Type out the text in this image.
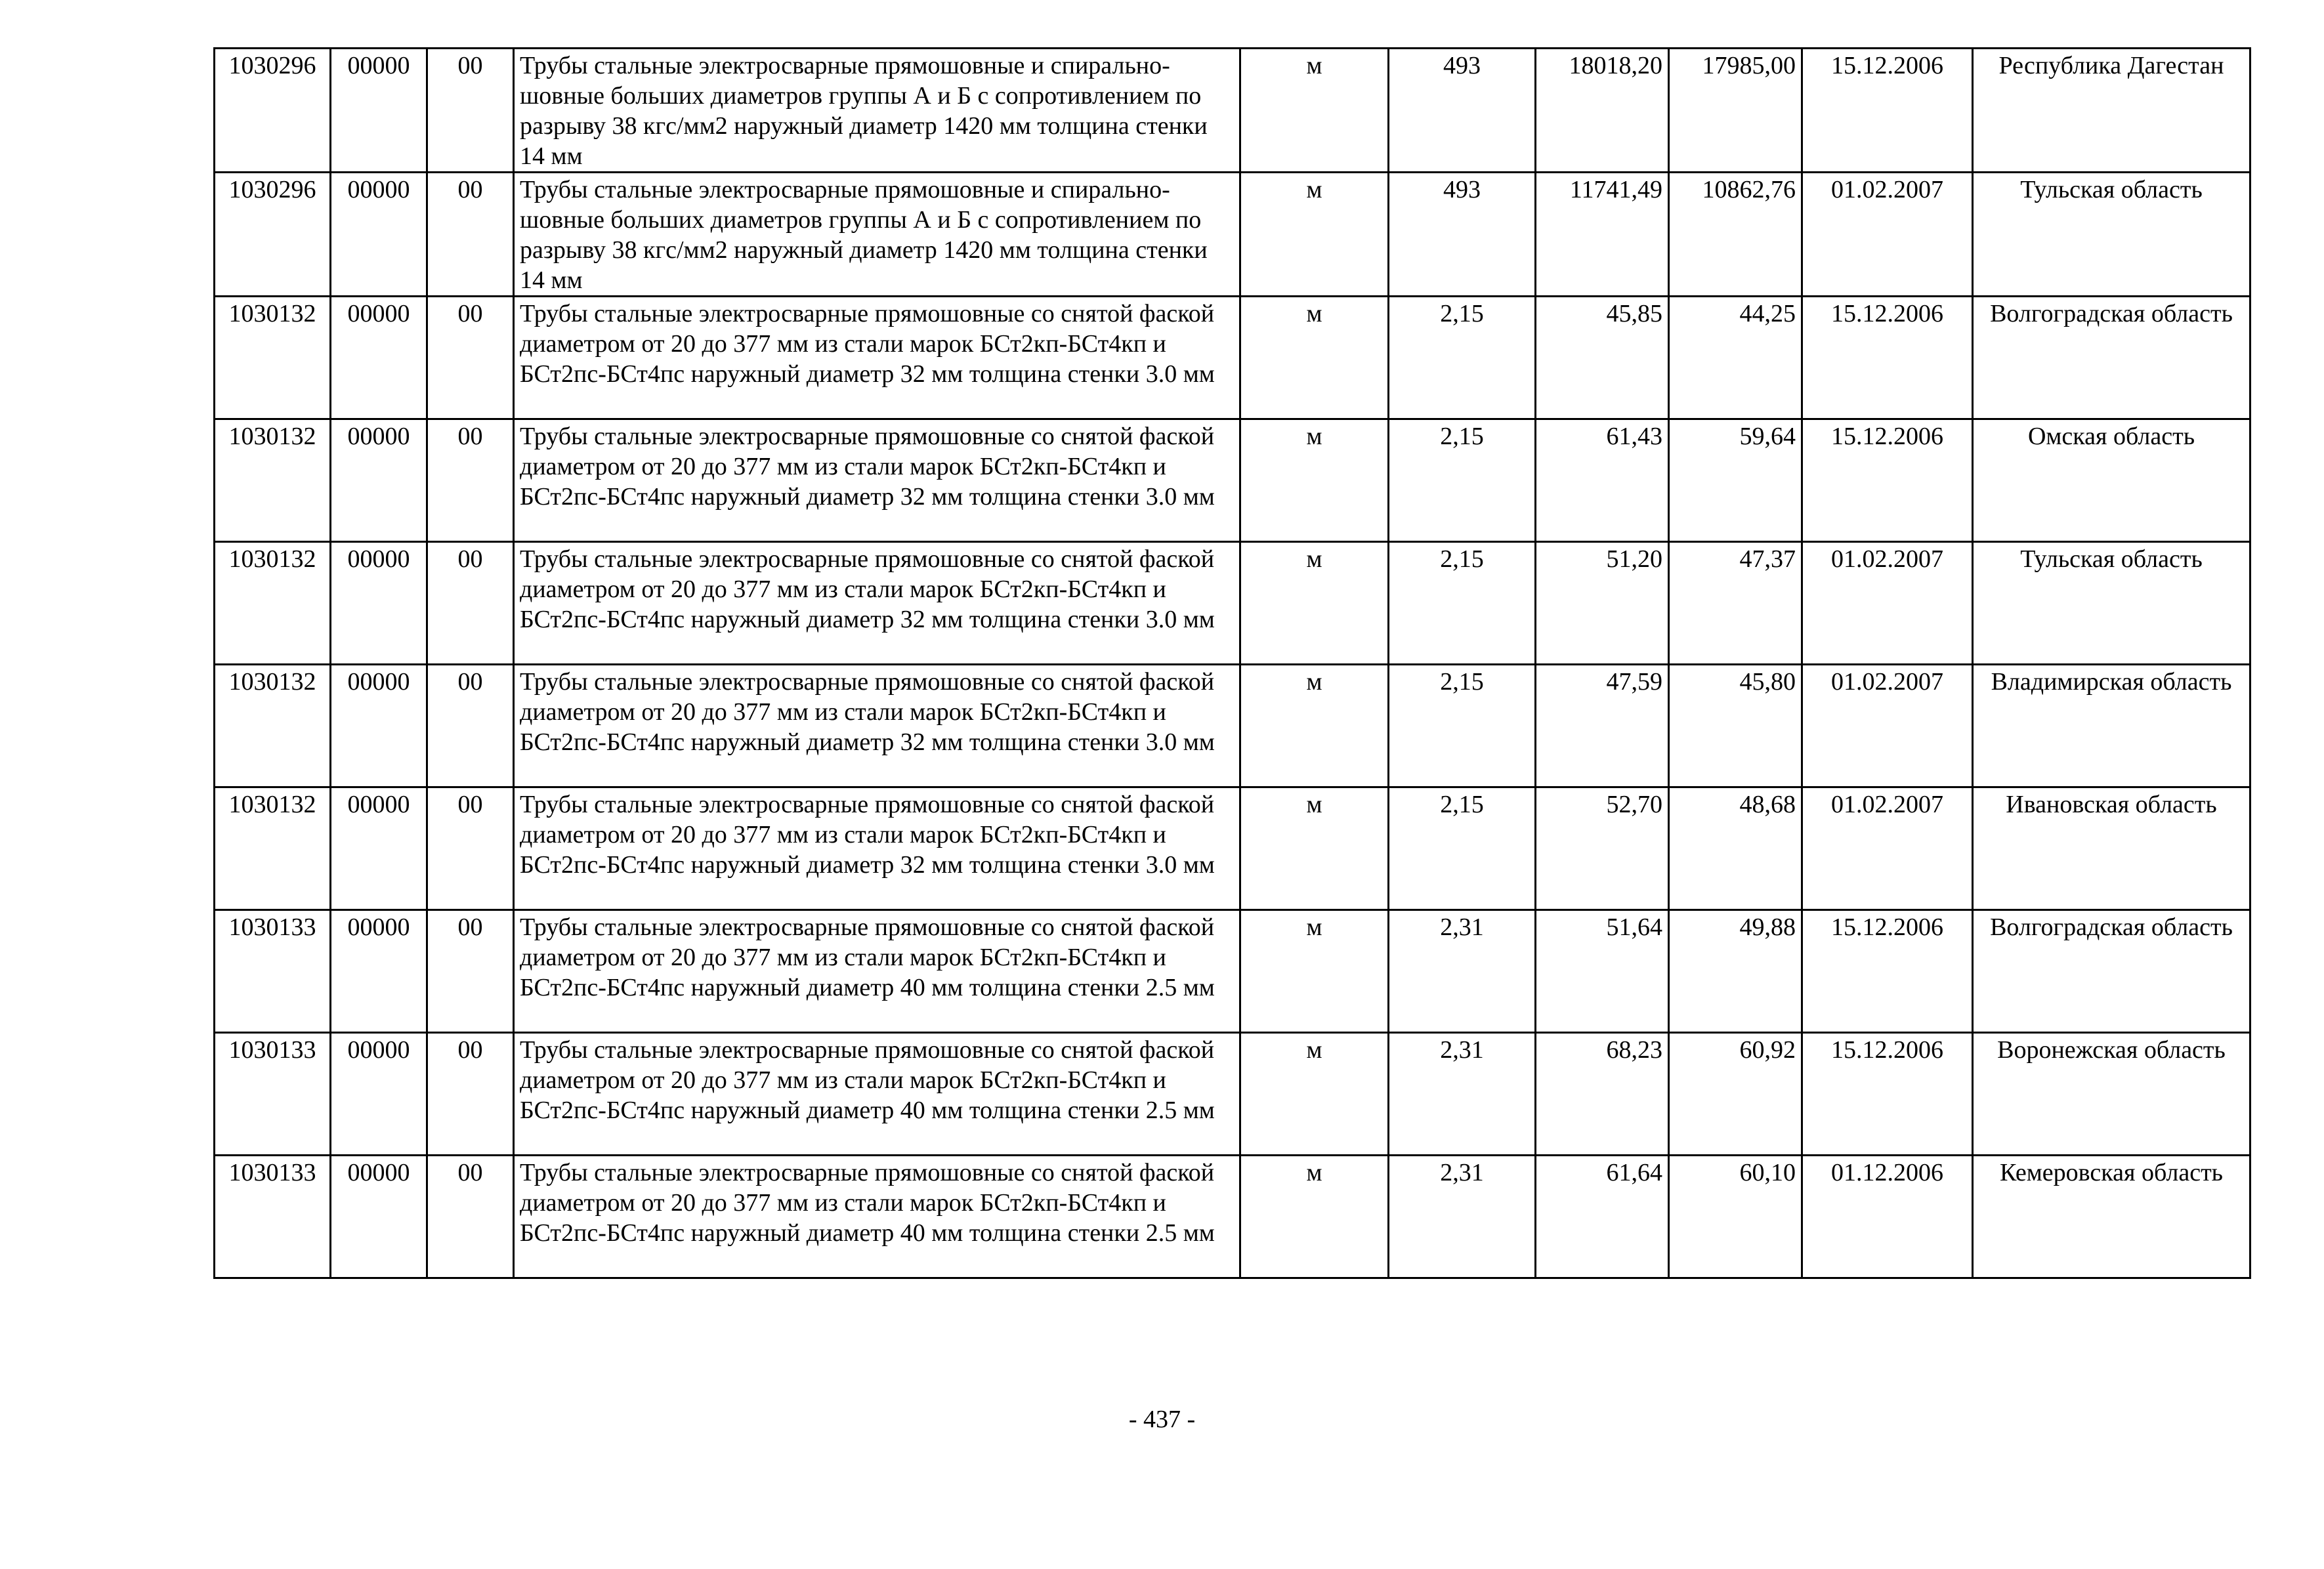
1030296	00000	00	Трубы стальные электросварные прямошовные и спирально-шовные больших диаметров группы А и Б с сопротивлением по разрыву 38 кгс/мм2 наружный диаметр 1420 мм толщина стенки 14 мм	м	493	18018,20	17985,00	15.12.2006	Республика Дагестан
1030296	00000	00	Трубы стальные электросварные прямошовные и спирально-шовные больших диаметров группы А и Б с сопротивлением по разрыву 38 кгс/мм2 наружный диаметр 1420 мм толщина стенки 14 мм	м	493	11741,49	10862,76	01.02.2007	Тульская область
1030132	00000	00	Трубы стальные электросварные прямошовные со снятой фаской диаметром от 20 до 377 мм из стали марок БСт2кп-БСт4кп и БСт2пс-БСт4пс наружный диаметр 32 мм толщина стенки 3.0 мм	м	2,15	45,85	44,25	15.12.2006	Волгоградская область
1030132	00000	00	Трубы стальные электросварные прямошовные со снятой фаской диаметром от 20 до 377 мм из стали марок БСт2кп-БСт4кп и БСт2пс-БСт4пс наружный диаметр 32 мм толщина стенки 3.0 мм	м	2,15	61,43	59,64	15.12.2006	Омская область
1030132	00000	00	Трубы стальные электросварные прямошовные со снятой фаской диаметром от 20 до 377 мм из стали марок БСт2кп-БСт4кп и БСт2пс-БСт4пс наружный диаметр 32 мм толщина стенки 3.0 мм	м	2,15	51,20	47,37	01.02.2007	Тульская область
1030132	00000	00	Трубы стальные электросварные прямошовные со снятой фаской диаметром от 20 до 377 мм из стали марок БСт2кп-БСт4кп и БСт2пс-БСт4пс наружный диаметр 32 мм толщина стенки 3.0 мм	м	2,15	47,59	45,80	01.02.2007	Владимирская область
1030132	00000	00	Трубы стальные электросварные прямошовные со снятой фаской диаметром от 20 до 377 мм из стали марок БСт2кп-БСт4кп и БСт2пс-БСт4пс наружный диаметр 32 мм толщина стенки 3.0 мм	м	2,15	52,70	48,68	01.02.2007	Ивановская область
1030133	00000	00	Трубы стальные электросварные прямошовные со снятой фаской диаметром от 20 до 377 мм из стали марок БСт2кп-БСт4кп и БСт2пс-БСт4пс наружный диаметр 40 мм толщина стенки 2.5 мм	м	2,31	51,64	49,88	15.12.2006	Волгоградская область
1030133	00000	00	Трубы стальные электросварные прямошовные со снятой фаской диаметром от 20 до 377 мм из стали марок БСт2кп-БСт4кп и БСт2пс-БСт4пс наружный диаметр 40 мм толщина стенки 2.5 мм	м	2,31	68,23	60,92	15.12.2006	Воронежская область
1030133	00000	00	Трубы стальные электросварные прямошовные со снятой фаской диаметром от 20 до 377 мм из стали марок БСт2кп-БСт4кп и БСт2пс-БСт4пс наружный диаметр 40 мм толщина стенки 2.5 мм	м	2,31	61,64	60,10	01.12.2006	Кемеровская область
- 437 -
